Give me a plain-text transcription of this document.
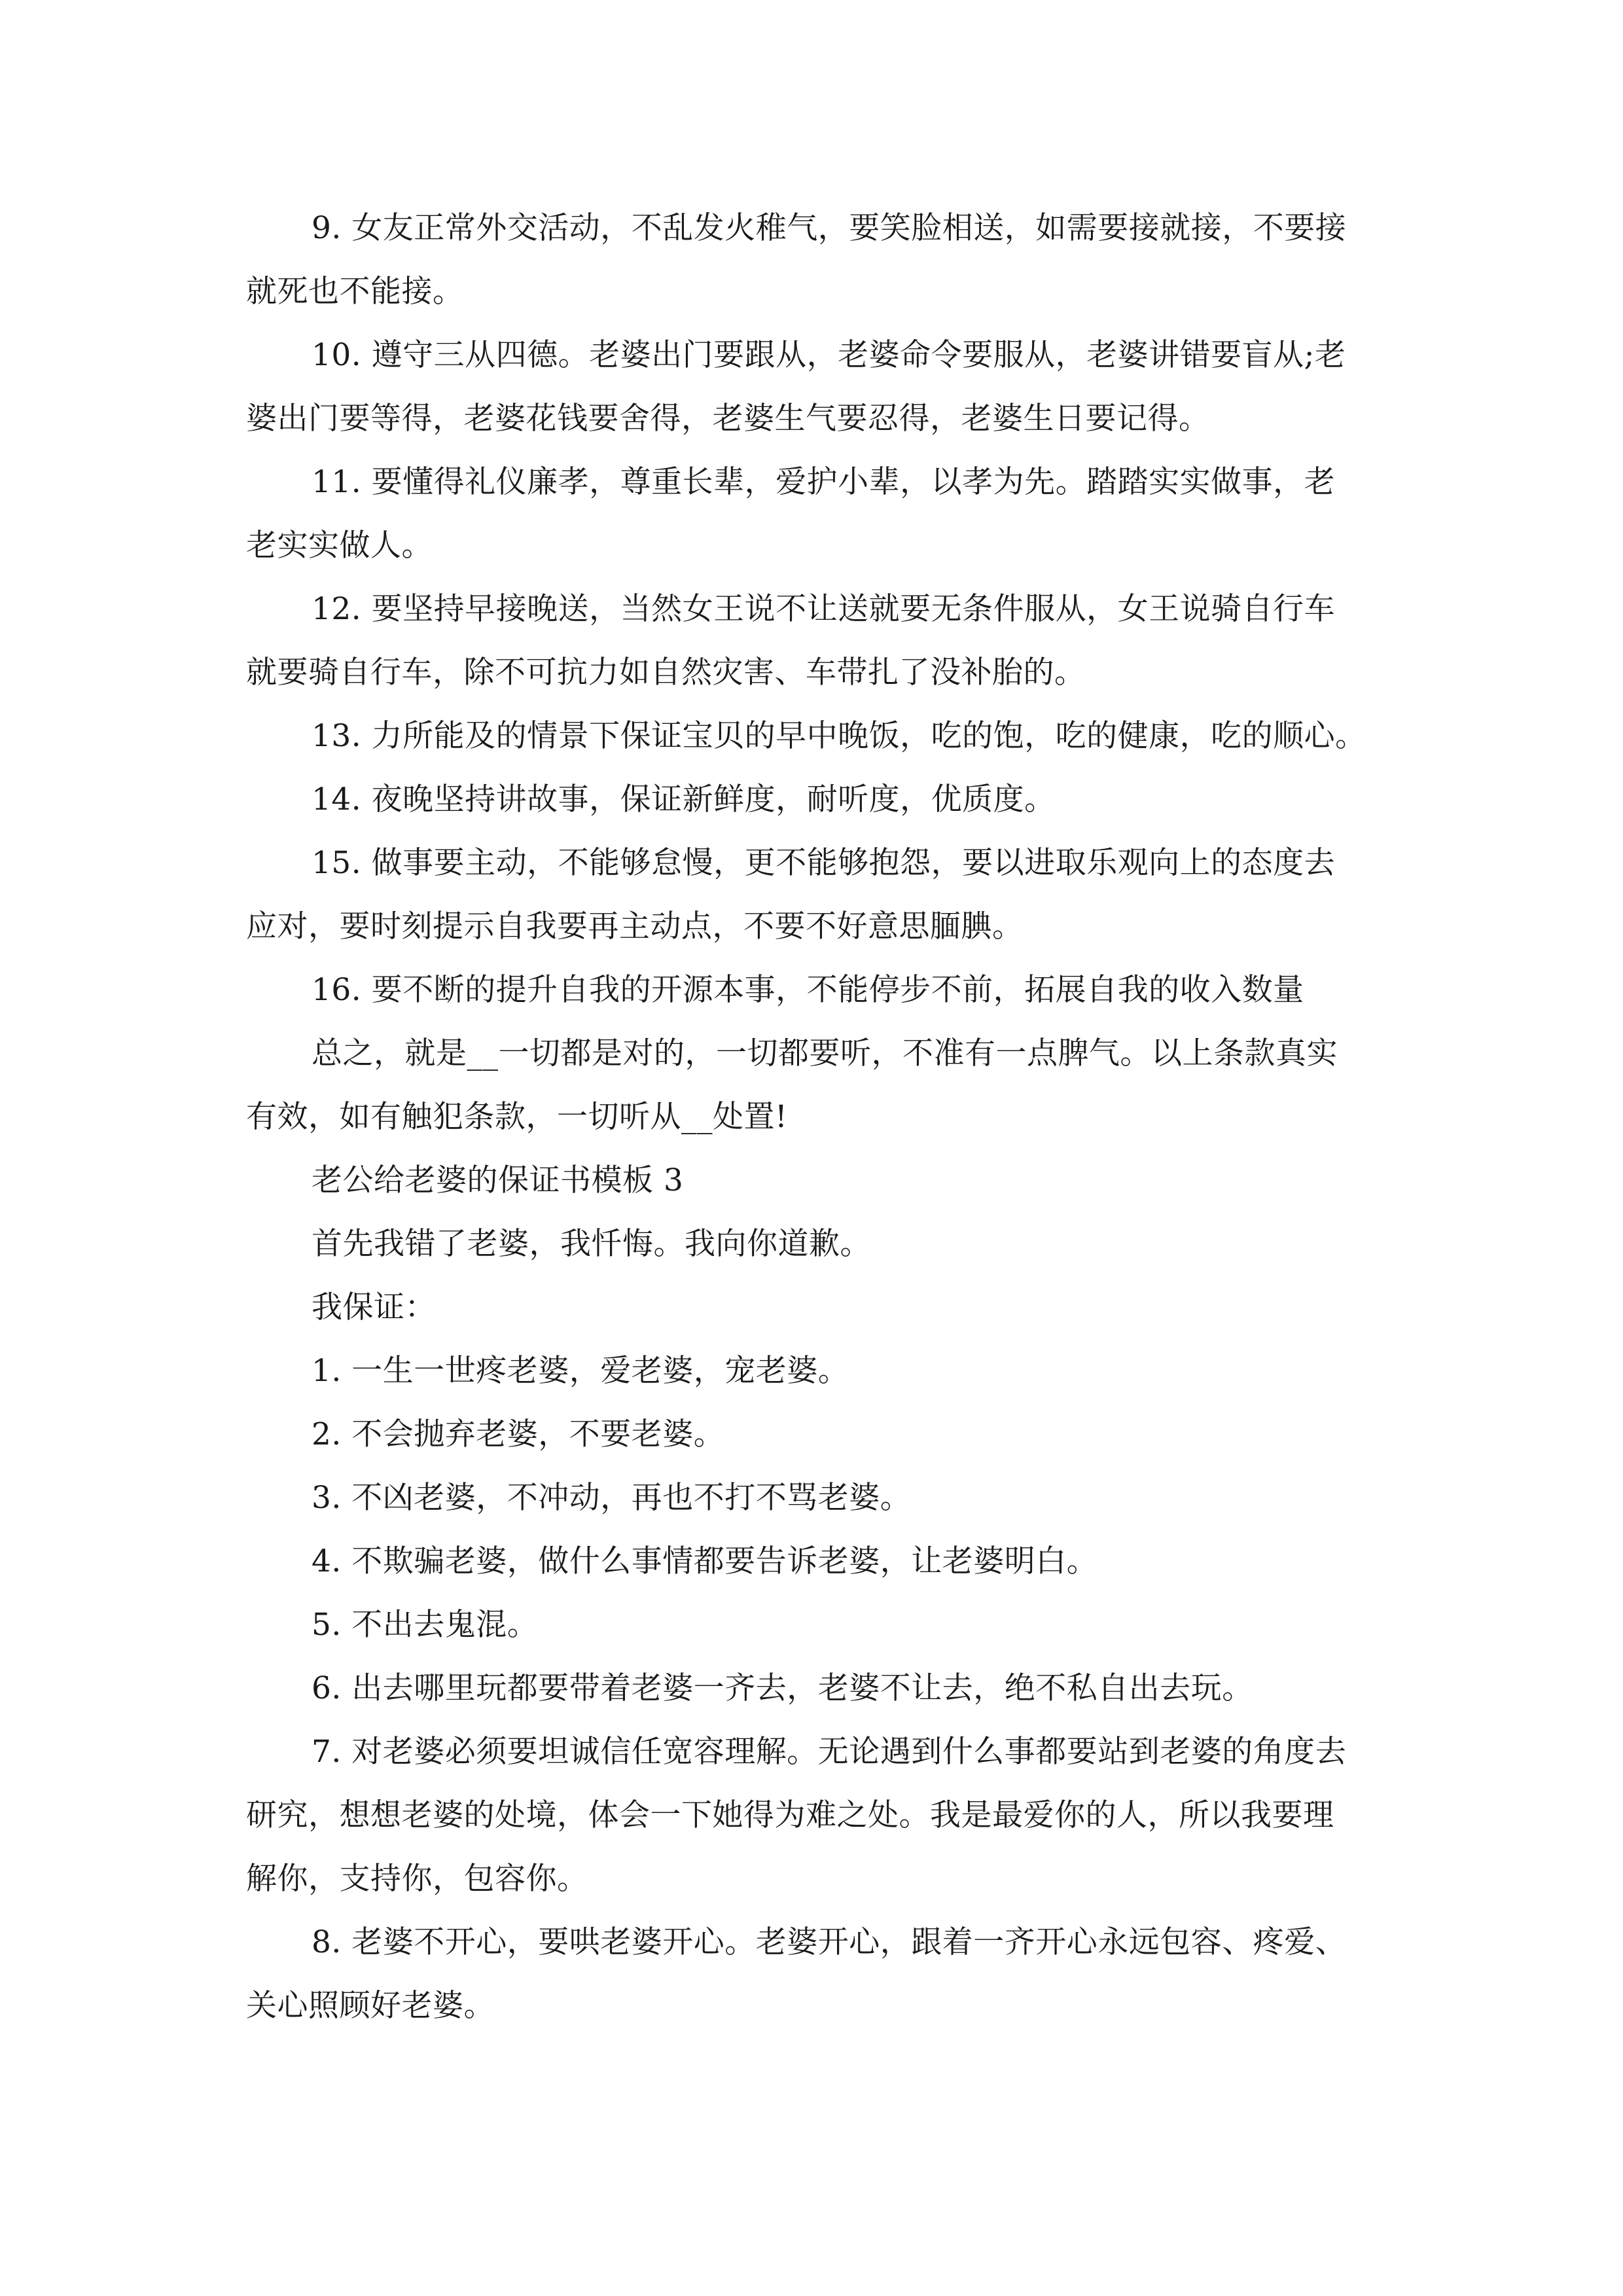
9. 女友正常外交活动，不乱发火稚气，要笑脸相送，如需要接就接，不要接
就死也不能接。
10. 遵守三从四德。老婆出门要跟从，老婆命令要服从，老婆讲错要盲从;老
婆出门要等得，老婆花钱要舍得，老婆生气要忍得，老婆生日要记得。
11. 要懂得礼仪廉孝，尊重长辈，爱护小辈，以孝为先。踏踏实实做事，老
老实实做人。
12. 要坚持早接晚送，当然女王说不让送就要无条件服从，女王说骑自行车
就要骑自行车，除不可抗力如自然灾害、车带扎了没补胎的。
13. 力所能及的情景下保证宝贝的早中晚饭，吃的饱，吃的健康，吃的顺心。
14. 夜晚坚持讲故事，保证新鲜度，耐听度，优质度。
15. 做事要主动，不能够怠慢，更不能够抱怨，要以进取乐观向上的态度去
应对，要时刻提示自我要再主动点，不要不好意思腼腆。
16. 要不断的提升自我的开源本事，不能停步不前，拓展自我的收入数量
总之，就是__一切都是对的，一切都要听，不准有一点脾气。以上条款真实
有效，如有触犯条款，一切听从__处置!
老公给老婆的保证书模板 3
首先我错了老婆，我忏悔。我向你道歉。
我保证：
1. 一生一世疼老婆，爱老婆，宠老婆。
2. 不会抛弃老婆，不要老婆。
3. 不凶老婆，不冲动，再也不打不骂老婆。
4. 不欺骗老婆，做什么事情都要告诉老婆，让老婆明白。
5. 不出去鬼混。
6. 出去哪里玩都要带着老婆一齐去，老婆不让去，绝不私自出去玩。
7. 对老婆必须要坦诚信任宽容理解。无论遇到什么事都要站到老婆的角度去
研究，想想老婆的处境，体会一下她得为难之处。我是最爱你的人，所以我要理
解你，支持你，包容你。
8. 老婆不开心，要哄老婆开心。老婆开心，跟着一齐开心永远包容、疼爱、
关心照顾好老婆。
